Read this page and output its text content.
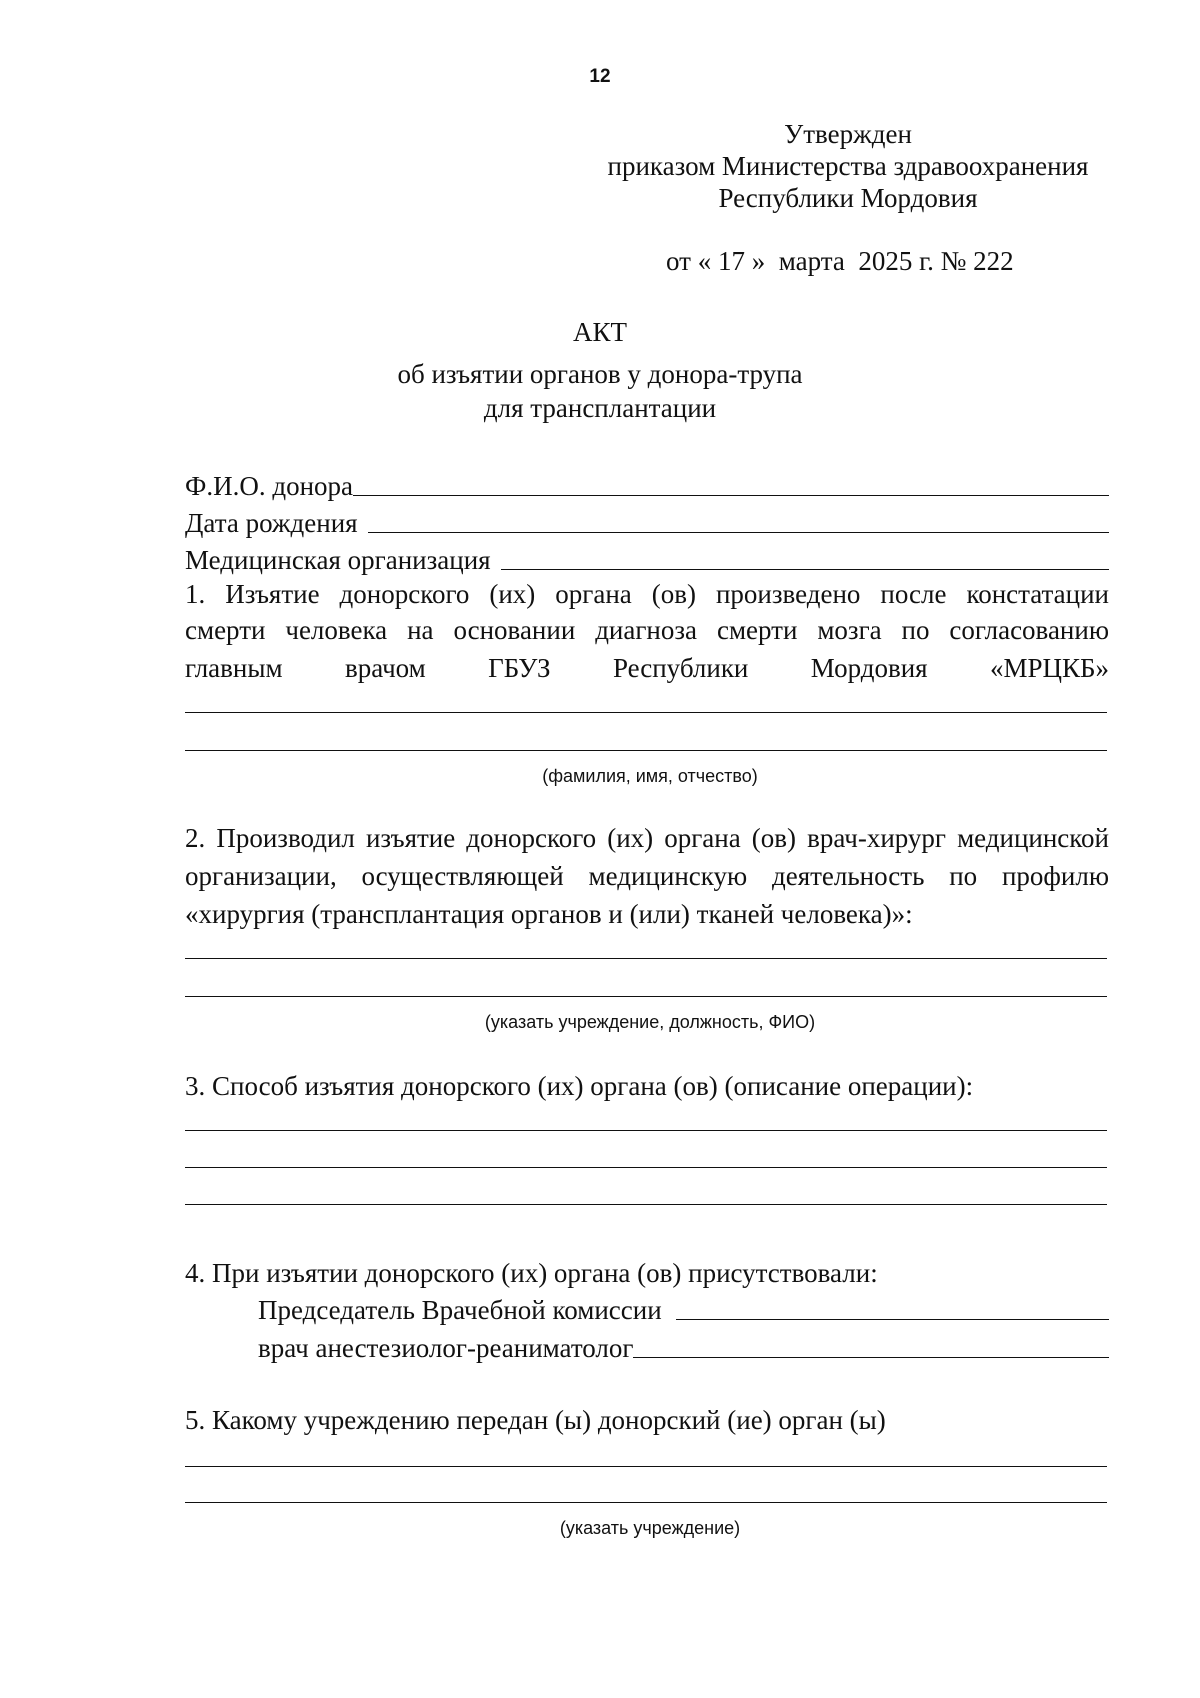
12
Утвержден
приказом Министерства здравоохранения
Республики Мордовия
от « 17 »  марта  2025 г. № 222
АКТ
об изъятии органов у донора-трупа
для трансплантации
Ф.И.О. донора
Дата рождения
Медицинская организация
1. Изъятие донорского (их) органа (ов) произведено после констатации
смерти человека на основании диагноза смерти мозга по согласованию
главным врачом ГБУЗ Республики Мордовия «МРЦКБ»
(фамилия, имя, отчество)
2. Производил изъятие донорского (их) органа (ов) врач-хирург медицинской
организации, осуществляющей медицинскую деятельность по профилю
«хирургия (трансплантация органов и (или) тканей человека)»:
(указать учреждение, должность, ФИО)
3. Способ изъятия донорского (их) органа (ов) (описание операции):
4. При изъятии донорского (их) органа (ов) присутствовали:
Председатель Врачебной комиссии
врач анестезиолог-реаниматолог
5. Какому учреждению передан (ы) донорский (ие) орган (ы)
(указать учреждение)
